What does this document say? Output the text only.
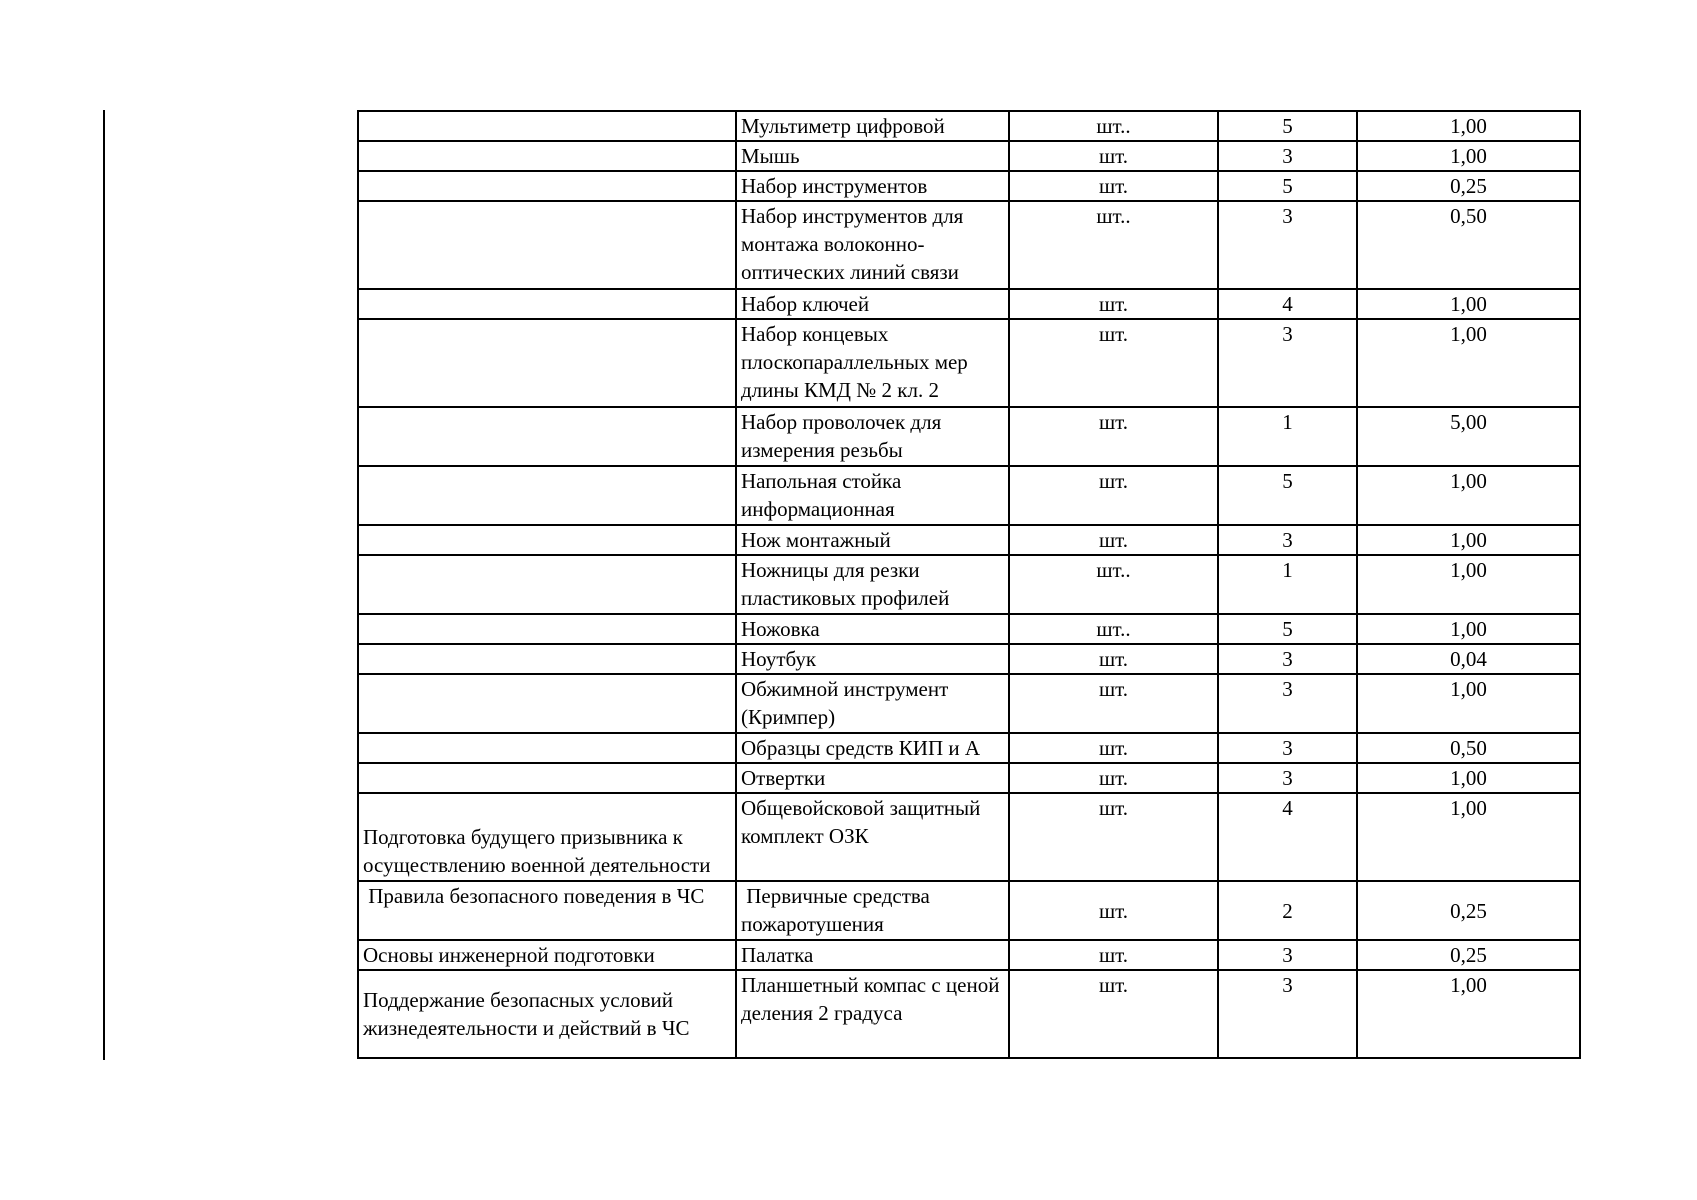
	Мультиметр цифровой	шт..	5	1,00
	Мышь	шт.	3	1,00
	Набор инструментов	шт.	5	0,25
	Набор инструментов для монтажа волоконно-оптических линий связи	шт..	3	0,50
	Набор ключей	шт.	4	1,00
	Набор концевых плоскопараллельных мер длины КМД № 2 кл. 2	шт.	3	1,00
	Набор проволочек для измерения резьбы	шт.	1	5,00
	Напольная стойка информационная	шт.	5	1,00
	Нож монтажный	шт.	3	1,00
	Ножницы для резки пластиковых профилей	шт..	1	1,00
	Ножовка	шт..	5	1,00
	Ноутбук	шт.	3	0,04
	Обжимной инструмент (Кримпер)	шт.	3	1,00
	Образцы средств КИП и А	шт.	3	0,50
	Отвертки	шт.	3	1,00
Подготовка будущего призывника к осуществлению военной деятельности	Общевойсковой защитный комплект ОЗК	шт.	4	1,00
Правила безопасного поведения в ЧС	Первичные средства пожаротушения	шт.	2	0,25
Основы инженерной подготовки	Палатка	шт.	3	0,25
Поддержание безопасных условий жизнедеятельности и действий в ЧС	Планшетный компас с ценой деления 2 градуса	шт.	3	1,00
